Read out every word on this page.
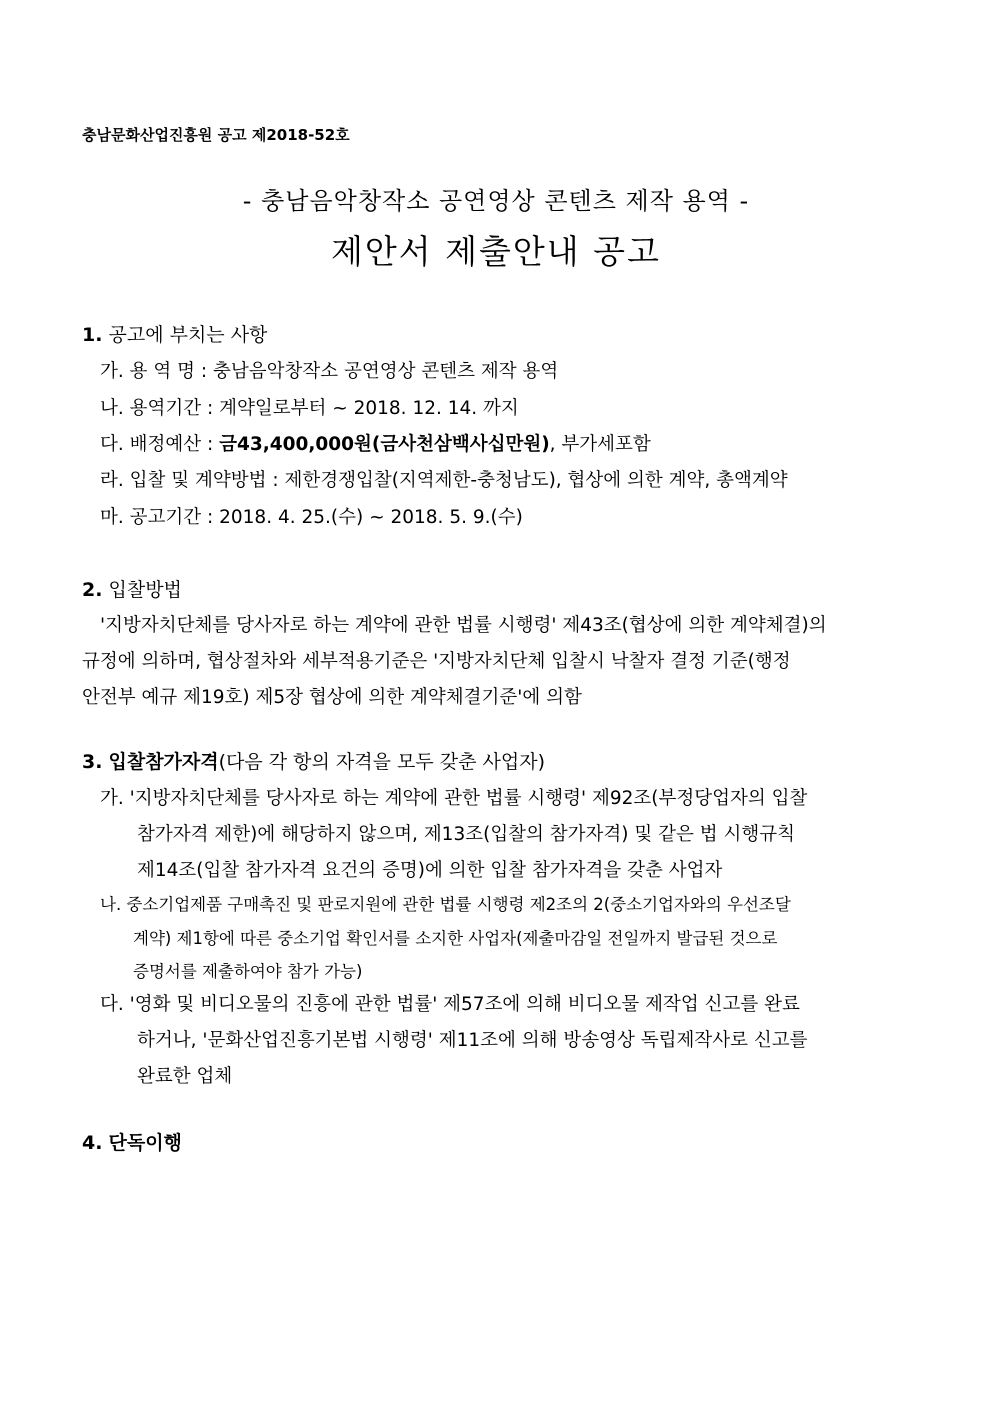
충남문화산업진흥원 공고 제2018-52호
- 충남음악창작소 공연영상 콘텐츠 제작 용역 -
제안서 제출안내 공고
1. 공고에 부치는 사항
가. 용 역 명 : 충남음악창작소 공연영상 콘텐츠 제작 용역
나. 용역기간 : 계약일로부터 ~ 2018. 12. 14. 까지
다. 배정예산 : 금43,400,000원(금사천삼백사십만원), 부가세포함
라. 입찰 및 계약방법 : 제한경쟁입찰(지역제한-충청남도), 협상에 의한 계약, 총액계약
마. 공고기간 : 2018. 4. 25.(수) ~ 2018. 5. 9.(수)
2. 입찰방법
'지방자치단체를 당사자로 하는 계약에 관한 법률 시행령' 제43조(협상에 의한 계약체결)의
규정에 의하며, 협상절차와 세부적용기준은 '지방자치단체 입찰시 낙찰자 결정 기준(행정
안전부 예규 제19호) 제5장 협상에 의한 계약체결기준'에 의함
3. 입찰참가자격(다음 각 항의 자격을 모두 갖춘 사업자)
가. '지방자치단체를 당사자로 하는 계약에 관한 법률 시행령' 제92조(부정당업자의 입찰
참가자격 제한)에 해당하지 않으며, 제13조(입찰의 참가자격) 및 같은 법 시행규칙
제14조(입찰 참가자격 요건의 증명)에 의한 입찰 참가자격을 갖춘 사업자
나. 중소기업제품 구매촉진 및 판로지원에 관한 법률 시행령 제2조의 2(중소기업자와의 우선조달
계약) 제1항에 따른 중소기업 확인서를 소지한 사업자(제출마감일 전일까지 발급된 것으로
증명서를 제출하여야 참가 가능)
다. '영화 및 비디오물의 진흥에 관한 법률' 제57조에 의해 비디오물 제작업 신고를 완료
하거나, '문화산업진흥기본법 시행령' 제11조에 의해 방송영상 독립제작사로 신고를
완료한 업체
4. 단독이행
